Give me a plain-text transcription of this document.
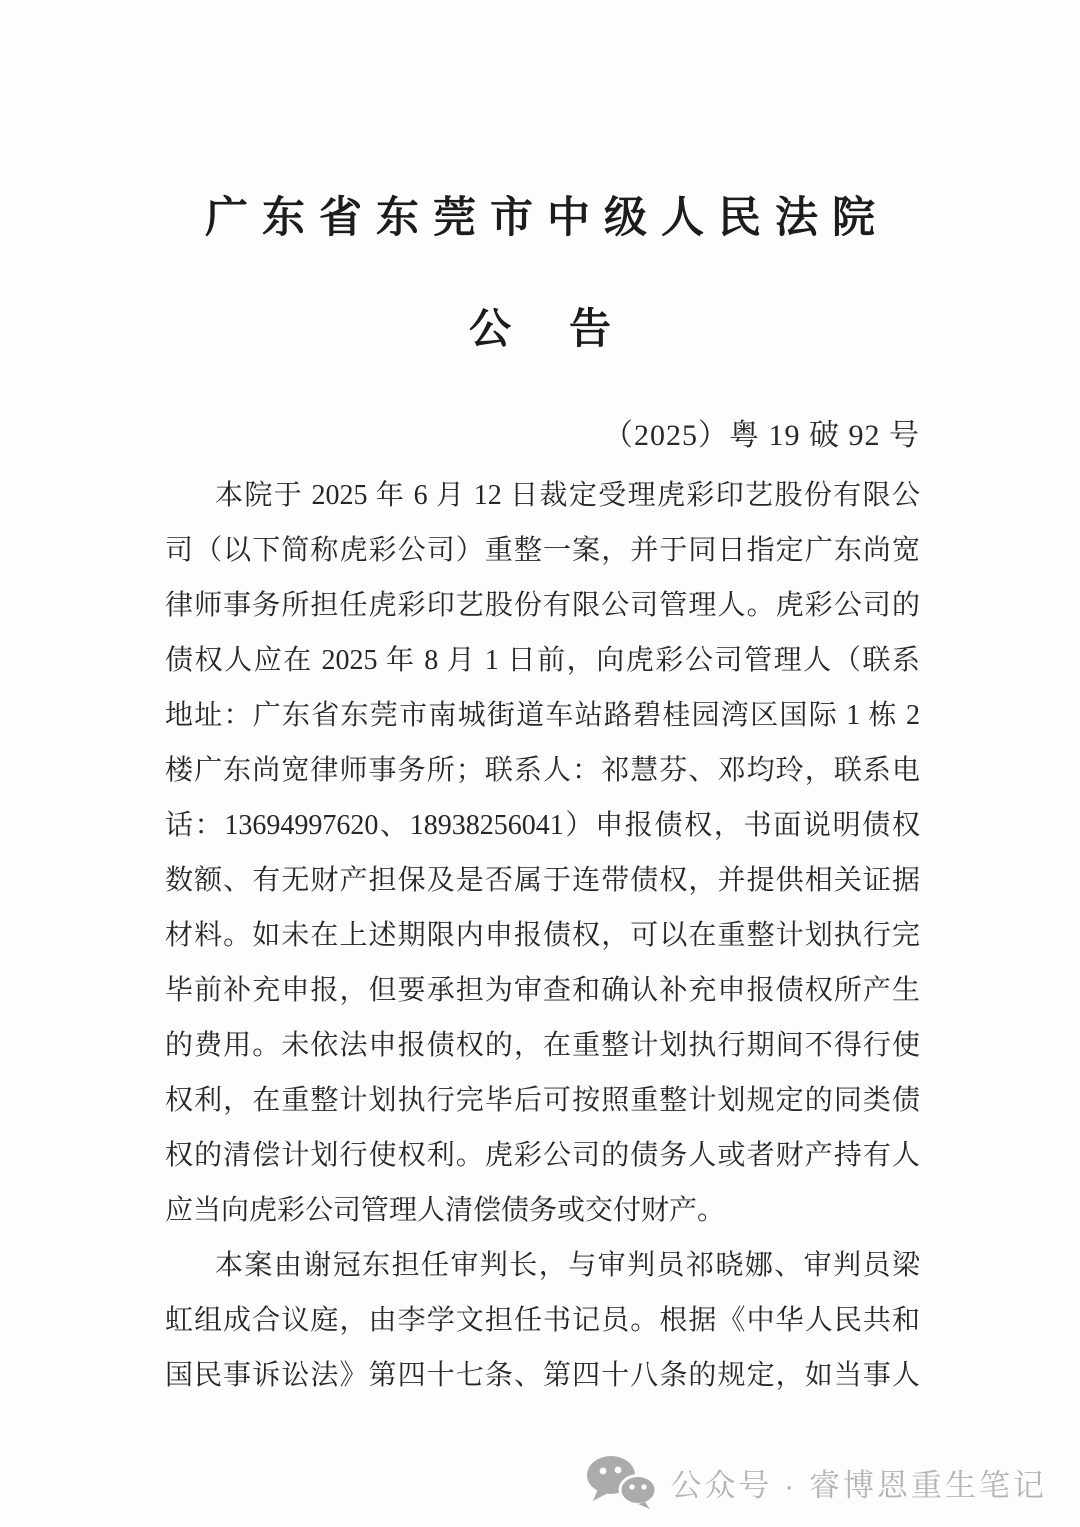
广东省东莞市中级人民法院
公告
（2025）粤 19 破 92 号
本院于 2025 年 6 月 12 日裁定受理虎彩印艺股份有限公
司（以下简称虎彩公司）重整一案，并于同日指定广东尚宽
律师事务所担任虎彩印艺股份有限公司管理人。虎彩公司的
债权人应在 2025 年 8 月 1 日前，向虎彩公司管理人（联系
地址：广东省东莞市南城街道车站路碧桂园湾区国际 1 栋 2
楼广东尚宽律师事务所；联系人：祁慧芬、邓均玲，联系电
话：13694997620、18938256041）申报债权，书面说明债权
数额、有无财产担保及是否属于连带债权，并提供相关证据
材料。如未在上述期限内申报债权，可以在重整计划执行完
毕前补充申报，但要承担为审查和确认补充申报债权所产生
的费用。未依法申报债权的，在重整计划执行期间不得行使
权利，在重整计划执行完毕后可按照重整计划规定的同类债
权的清偿计划行使权利。虎彩公司的债务人或者财产持有人
应当向虎彩公司管理人清偿债务或交付财产。
本案由谢冠东担任审判长，与审判员祁晓娜、审判员梁
虹组成合议庭，由李学文担任书记员。根据《中华人民共和
国民事诉讼法》第四十七条、第四十八条的规定，如当事人
公众号 · 睿博恩重生笔记
